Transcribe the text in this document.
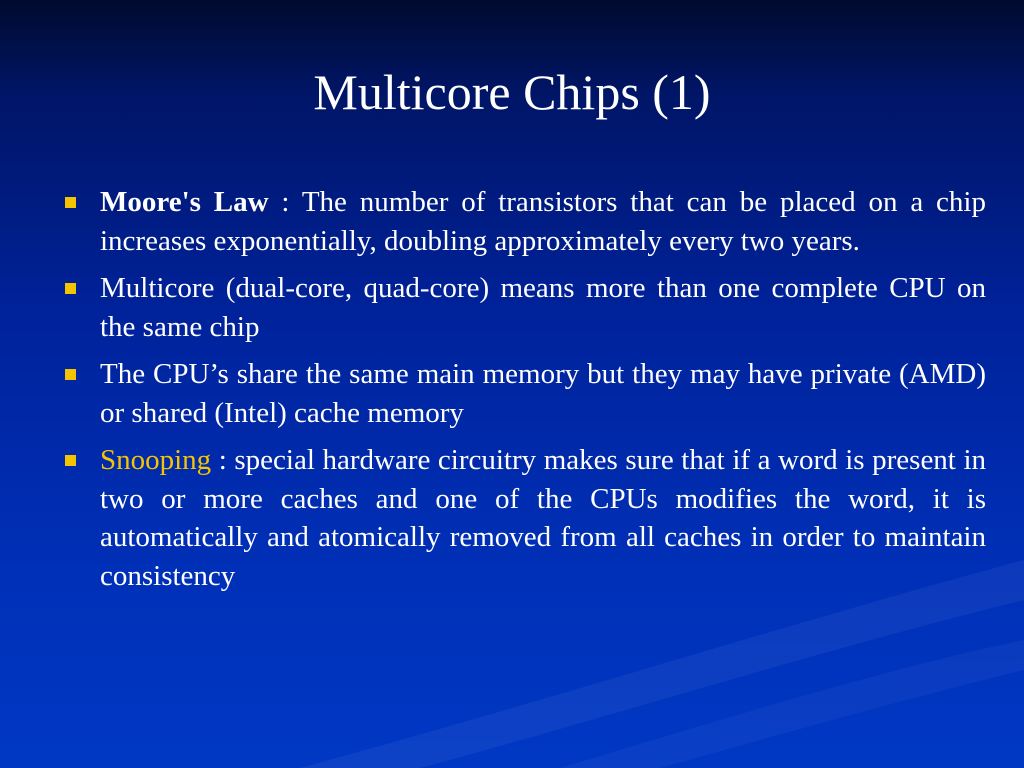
Multicore Chips (1)
Moore's Law : The number of transistors that can be placed on a chip increases exponentially, doubling approximately every two years.
Multicore (dual-core, quad-core) means more than one complete CPU on the same chip
The CPU’s share the same main memory but they may have private (AMD) or shared (Intel) cache memory
Snooping : special hardware circuitry makes sure that if a word is present in two or more caches and one of the CPUs modifies the word, it is automatically and atomically removed from all caches in order to maintain consistency
